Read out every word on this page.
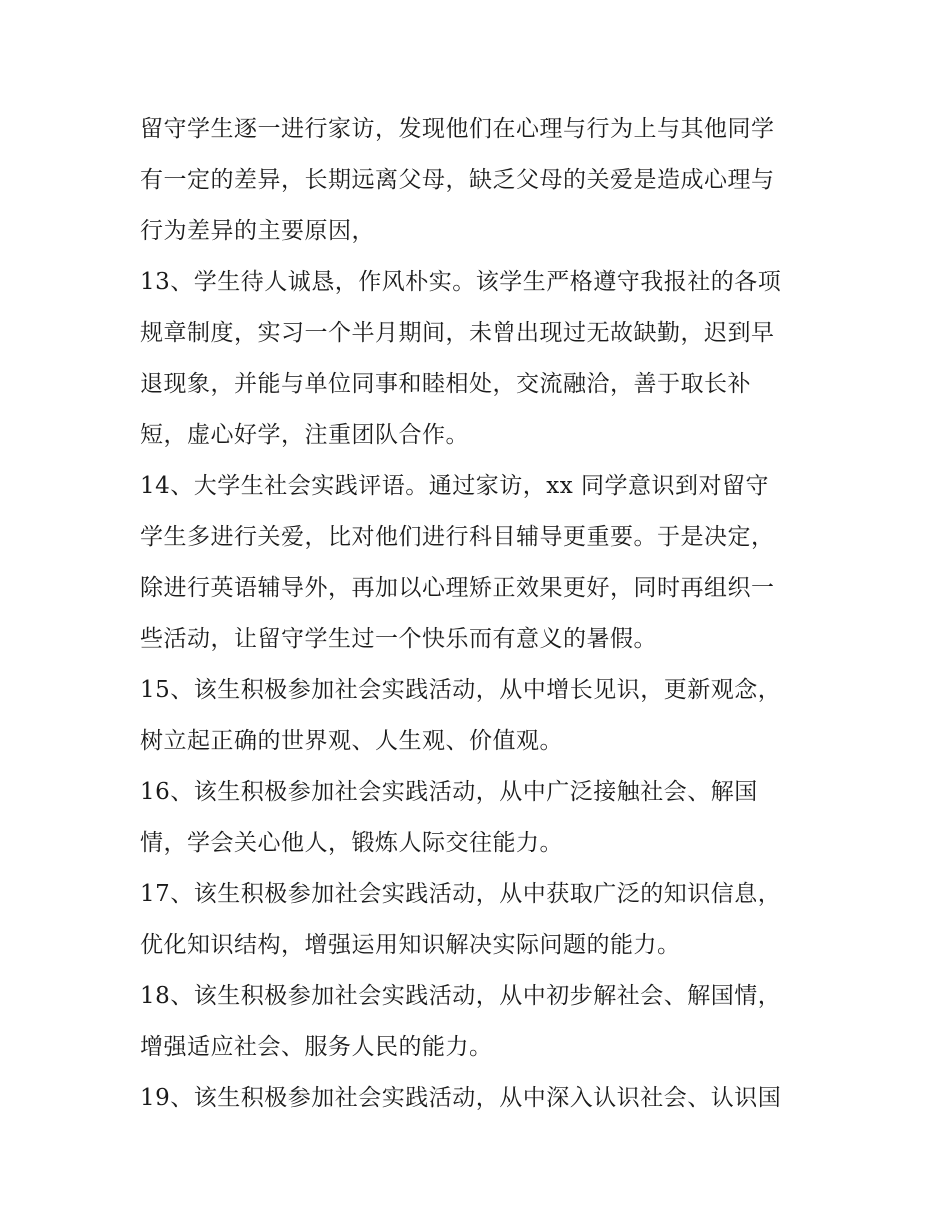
留守学生逐一进行家访，发现他们在心理与行为上与其他同学
有一定的差异，长期远离父母，缺乏父母的关爱是造成心理与
行为差异的主要原因，
13、学生待人诚恳，作风朴实。该学生严格遵守我报社的各项
规章制度，实习一个半月期间，未曾出现过无故缺勤，迟到早
退现象，并能与单位同事和睦相处，交流融洽，善于取长补
短，虚心好学，注重团队合作。
14、大学生社会实践评语。通过家访，xx 同学意识到对留守
学生多进行关爱，比对他们进行科目辅导更重要。于是决定，
除进行英语辅导外，再加以心理矫正效果更好，同时再组织一
些活动，让留守学生过一个快乐而有意义的暑假。
15、该生积极参加社会实践活动，从中增长见识，更新观念，
树立起正确的世界观、人生观、价值观。
16、该生积极参加社会实践活动，从中广泛接触社会、解国
情，学会关心他人，锻炼人际交往能力。
17、该生积极参加社会实践活动，从中获取广泛的知识信息，
优化知识结构，增强运用知识解决实际问题的能力。
18、该生积极参加社会实践活动，从中初步解社会、解国情，
增强适应社会、服务人民的能力。
19、该生积极参加社会实践活动，从中深入认识社会、认识国
